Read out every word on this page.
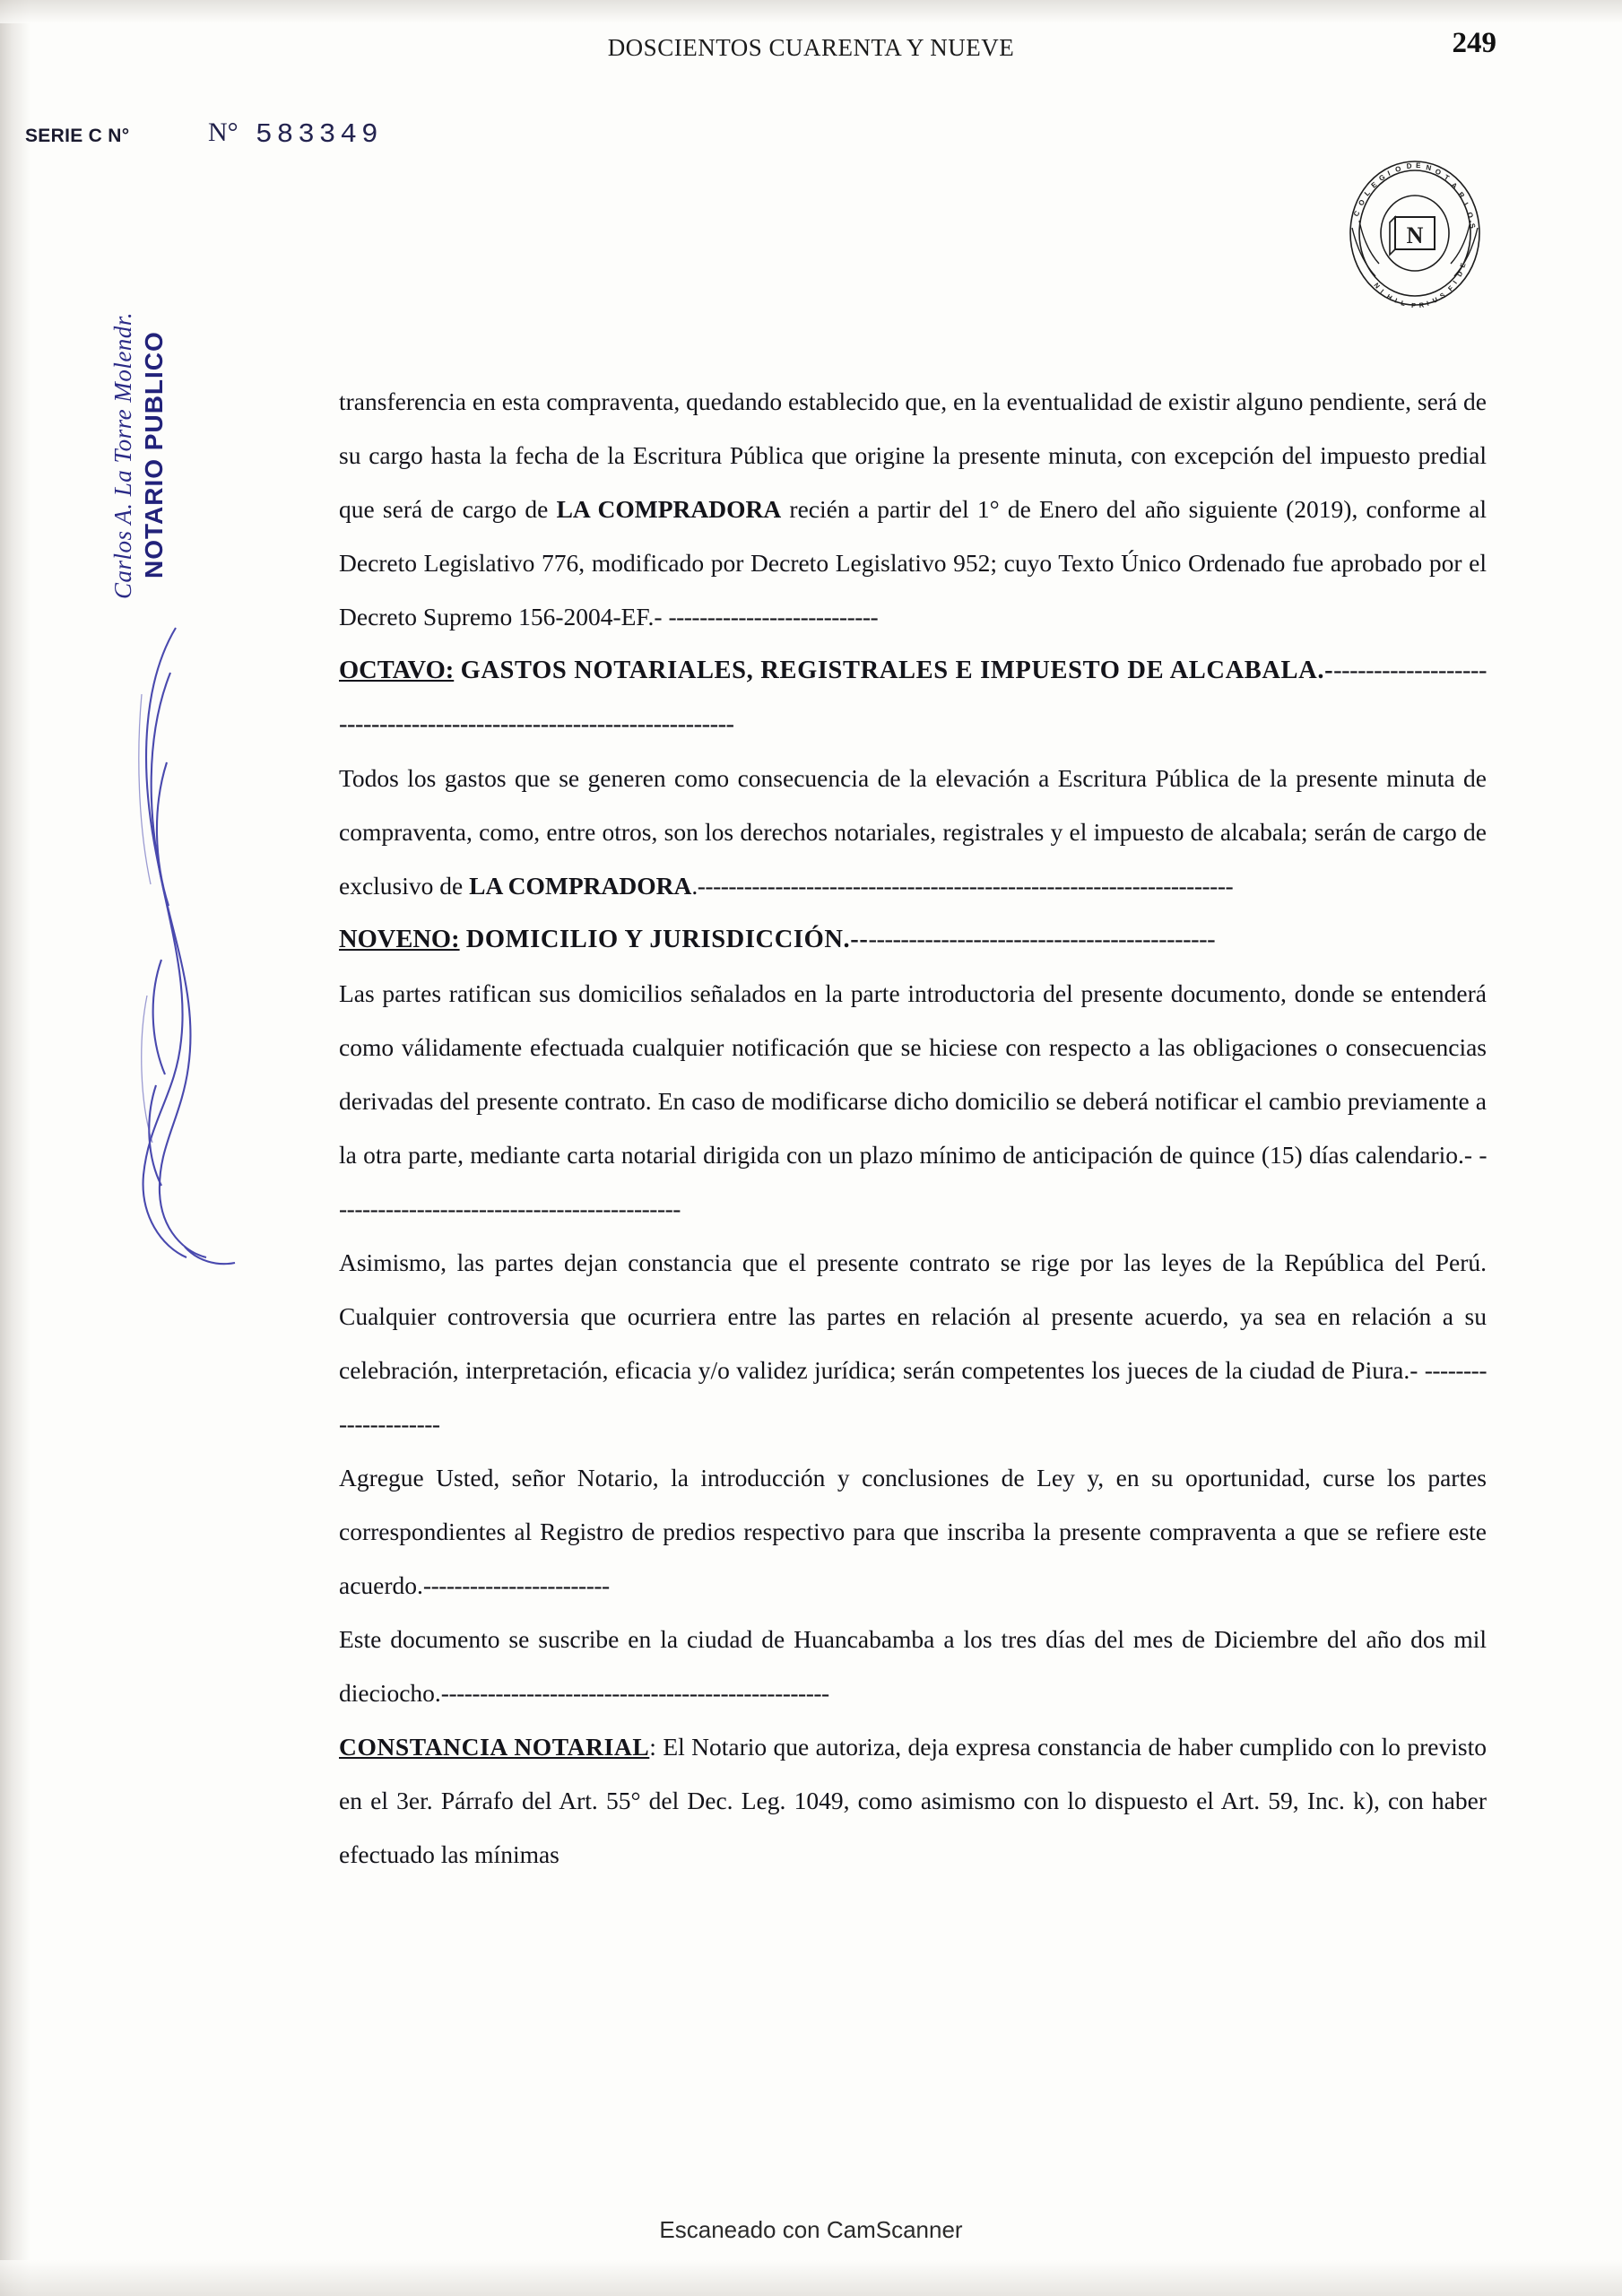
DOSCIENTOS CUARENTA Y NUEVE	249
SERIE C N°	N° 583349

C
O
L
E
G I O D E N O
T
A
R
I
O
S
N
I
H I L P R I U S
F
I
D
E
N
NOTARIO PUBLICO
Carlos A. La Torre Molendr.	transferencia en esta compraventa, quedando establecido que, en la eventualidad de existir alguno pendiente, será de su cargo hasta la fecha de la Escritura Pública que origine la presente minuta, con excepción del impuesto predial que será de cargo de LA COMPRADORA recién a partir del 1° de Enero del año siguiente (2019), conforme al Decreto Legislativo 776, modificado por Decreto Legislativo 952; cuyo Texto Único Ordenado fue aprobado por el Decreto Supremo 156-2004-EF.- ---------------------------

OCTAVO: GASTOS NOTARIALES, REGISTRALES E IMPUESTO DE ALCABALA.---------------------------------------------------------------------

Todos los gastos que se generen como consecuencia de la elevación a Escritura Pública de la presente minuta de compraventa, como, entre otros, son los derechos notariales, registrales y el impuesto de alcabala; serán de cargo de exclusivo de LA COMPRADORA.---------------------------------------------------------------------

NOVENO: DOMICILIO Y JURISDICCIÓN.---------------------------------------------

Las partes ratifican sus domicilios señalados en la parte introductoria del presente documento, donde se entenderá como válidamente efectuada cualquier notificación que se hiciese con respecto a las obligaciones o consecuencias derivadas del presente contrato. En caso de modificarse dicho domicilio se deberá notificar el cambio previamente a la otra parte, mediante carta notarial dirigida con un plazo mínimo de anticipación de quince (15) días calendario.- ---------------------------------------------

Asimismo, las partes dejan constancia que el presente contrato se rige por las leyes de la República del Perú. Cualquier controversia que ocurriera entre las partes en relación al presente acuerdo, ya sea en relación a su celebración, interpretación, eficacia y/o validez jurídica; serán competentes los jueces de la ciudad de Piura.- ---------------------

Agregue Usted, señor Notario, la introducción y conclusiones de Ley y, en su oportunidad, curse los partes correspondientes al Registro de predios respectivo para que inscriba la presente compraventa a que se refiere este acuerdo.------------------------

Este documento se suscribe en la ciudad de Huancabamba a los tres días del mes de Diciembre del año dos mil dieciocho.--------------------------------------------------

CONSTANCIA NOTARIAL: El Notario que autoriza, deja expresa constancia de haber cumplido con lo previsto en el 3er. Párrafo del Art. 55° del Dec. Leg. 1049, como asimismo con lo dispuesto el Art. 59, Inc. k), con haber efectuado las mínimas

Escaneado con CamScanner
